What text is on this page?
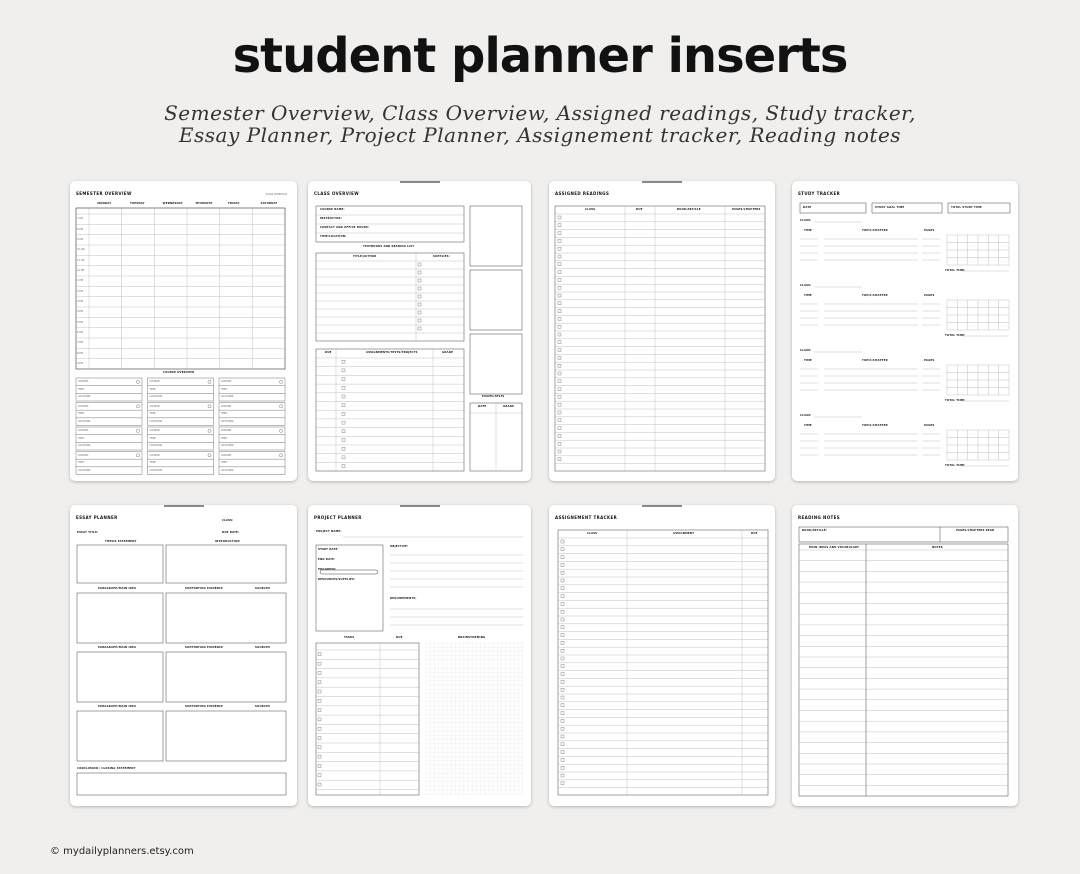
student planner inserts
Semester Overview, Class Overview, Assigned readings, Study tracker,
Essay Planner, Project Planner, Assignement tracker, Reading notes
SEMESTER OVERVIEW	CLASS SCHEDULE
MONDAY	TUESDAY	WEDNESDAY	THURSDAY	FRIDAY	SATURDAY
7 AM
8 AM
9 AM
10 AM
11 AM
12 PM
1 PM
2 PM
3 PM
4 PM
5 PM
6 PM
7 PM
8 PM
9 PM
COURSE OVERVIEW
COURSE:
TIME:
LOCATION:
COURSE:
TIME:
LOCATION:
COURSE:
TIME:
LOCATION:
COURSE:
TIME:
LOCATION:
COURSE:
TIME:
LOCATION:
COURSE:
TIME:
LOCATION:
COURSE:
TIME:
LOCATION:
COURSE:
TIME:
LOCATION:
COURSE:
TIME:
LOCATION:
COURSE:
TIME:
LOCATION:
COURSE:
TIME:
LOCATION:
COURSE:
TIME:
LOCATION:
CLASS OVERVIEW
COURSE NAME:
INSTRUCTOR:
CONTACT AND OFFICE HOURS:
TIME/LOCATION:
TEXTBOOKS AND READING LIST
TITLE/AUTHOR	SUPPLIES:
DUE	ASSIGNMENTS/TESTS/PROJECTS	GRADE
EXAMS/TESTS
DATE	GRADE
ASSIGNED READINGS
CLASS	DUE	BOOK/ARTICLE	PAGES/CHAPTERS
STUDY TRACKER
DATE	STUDY GOAL TIME	TOTAL STUDY TIME
CLASS:
TIME	TOPIC/CHAPTER	PAGES
TOTAL TIME:
CLASS:
TIME	TOPIC/CHAPTER	PAGES
TOTAL TIME:
CLASS:
TIME	TOPIC/CHAPTER	PAGES
TOTAL TIME:
CLASS:
TIME	TOPIC/CHAPTER	PAGES
TOTAL TIME:
ESSAY PLANNER
CLASS:
ESSAY TITLE:	DUE DATE:
THESIS STATEMENT	INTRODUCTION
PARAGRAPH/MAIN IDEA	SUPPORTING EVIDENCE	SOURCES
PARAGRAPH/MAIN IDEA	SUPPORTING EVIDENCE	SOURCES
PARAGRAPH/MAIN IDEA	SUPPORTING EVIDENCE	SOURCES
CONCLUSION / CLOSING STATEMENT
PROJECT PLANNER
PROJECT NAME:
START DATE:
END DATE:
PROGRESS:
RESOURCES/SUPPLIES:
OBJECTIVE:
REQUIREMENTS:
TASKS	DUE	BRAINSTORMING
ASSIGNEMENT TRACKER
CLASS	ASSIGNMENT	DUE
READING NOTES
BOOK/ARTICLE:	PAGES/CHAPTERS READ
MAIN IDEAS AND VOCABULARY	NOTES
© mydailyplanners.etsy.com
